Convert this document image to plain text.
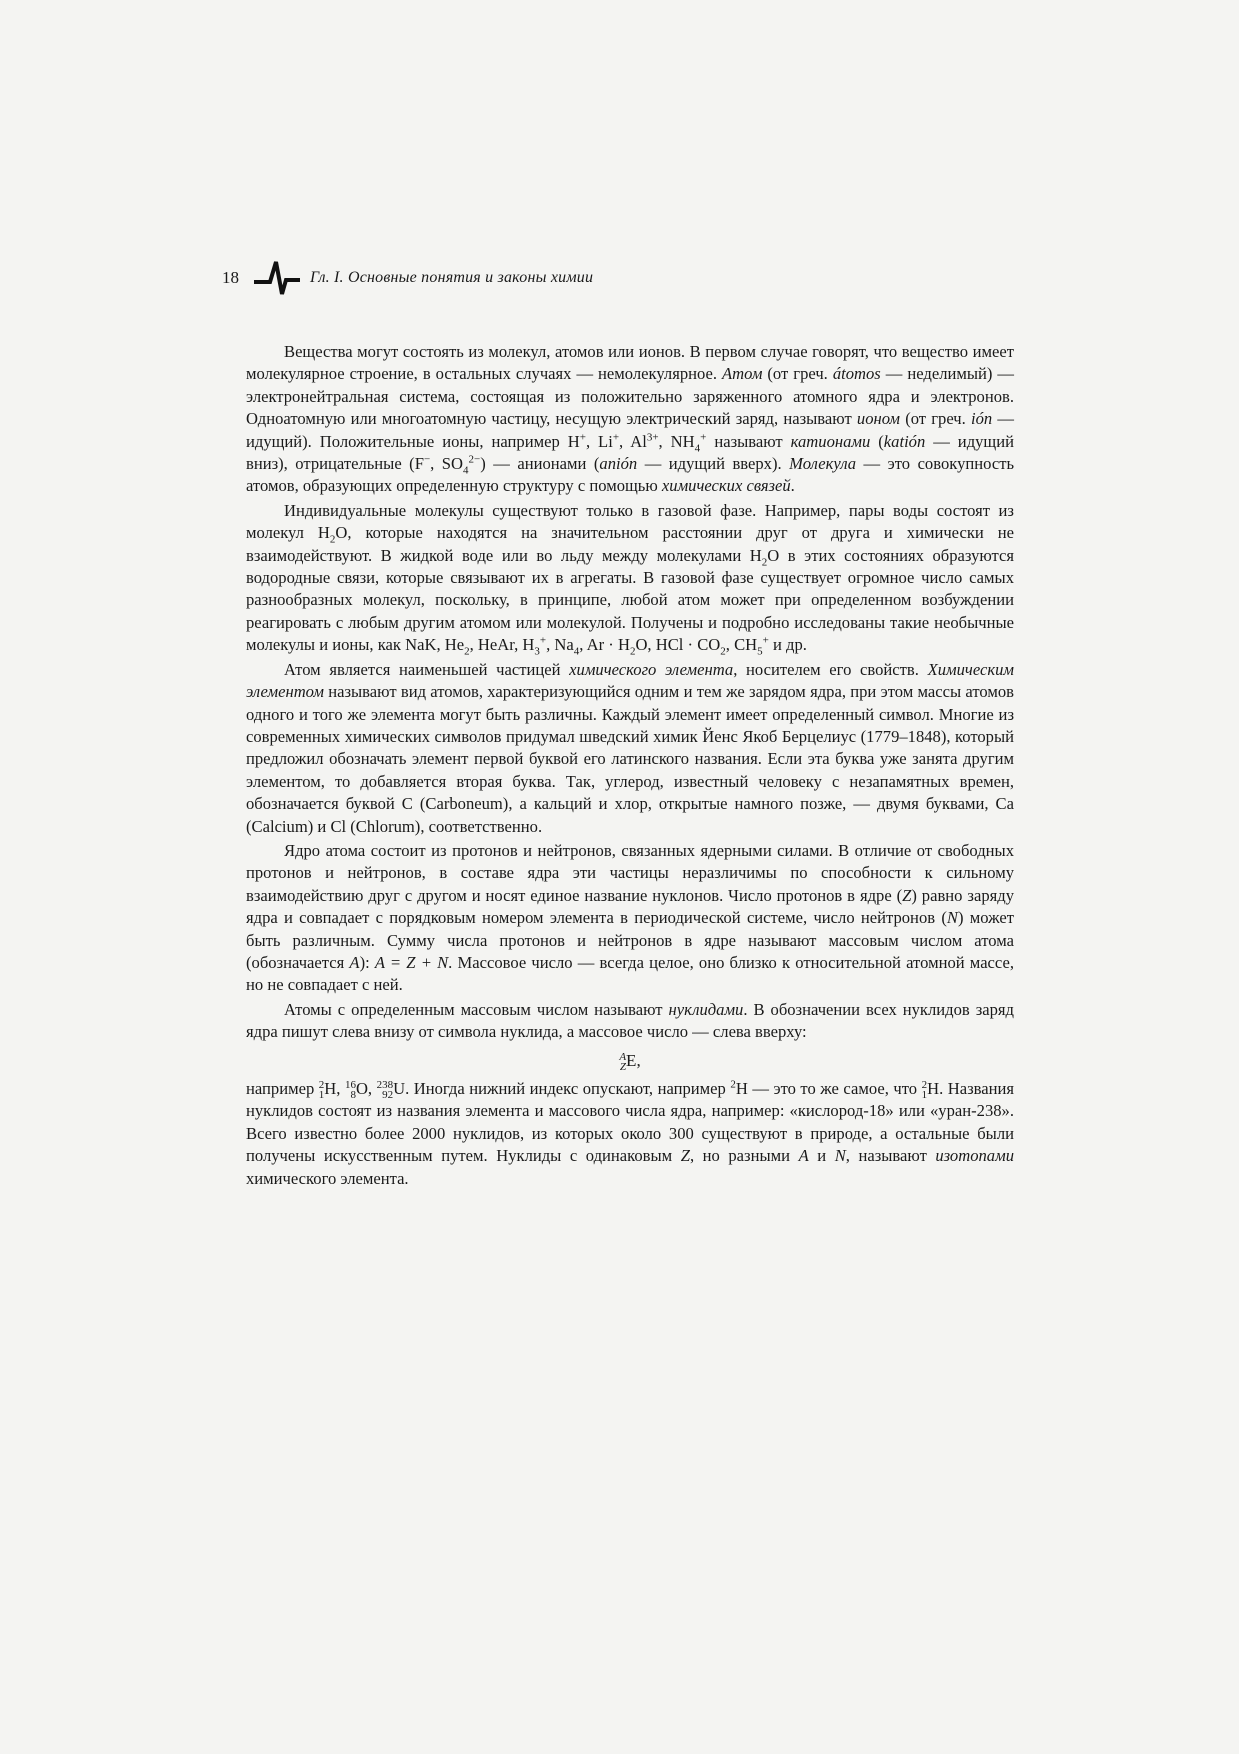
18	Гл. I. Основные понятия и законы химии

Вещества могут состоять из молекул, атомов или ионов. В первом случае говорят, что вещество имеет молекулярное строение, в остальных случаях — немолекулярное. Атом (от греч. átomos — неделимый) — электронейтральная система, состоящая из положительно заряженного атомного ядра и электронов. Одноатомную или многоатомную частицу, несущую электрический заряд, называют ионом (от греч. ión — идущий). Положительные ионы, например H+, Li+, $Al^{3+}$, $NH_4^+$ называют катионами (katión — идущий вниз), отрицательные (F−, $SO_4^{2-}$) — анионами (anión — идущий вверх). Молекула — это совокупность атомов, образующих определенную структуру с помощью химических связей.

Индивидуальные молекулы существуют только в газовой фазе. Например, пары воды состоят из молекул $H_2O$, которые находятся на значительном расстоянии друг от друга и химически не взаимодействуют. В жидкой воде или во льду между молекулами $H_2O$ в этих состояниях образуются водородные связи, которые связывают их в агрегаты. В газовой фазе существует огромное число самых разнообразных молекул, поскольку, в принципе, любой атом может при определенном возбуждении реагировать с любым другим атомом или молекулой. Получены и подробно исследованы такие необычные молекулы и ионы, как NaK, $He_2$, HeAr, $H_3^+$, $Na_4$, $Ar \cdot H_2O$, HCl · $CO_2$, $CH_5^+$ и др.

Атом является наименьшей частицей химического элемента, носителем его свойств. Химическим элементом называют вид атомов, характеризующийся одним и тем же зарядом ядра, при этом массы атомов одного и того же элемента могут быть различны. Каждый элемент имеет определенный символ. Многие из современных химических символов придумал шведский химик Йенс Якоб Берцелиус (1779–1848), который предложил обозначать элемент первой буквой его латинского названия. Если эта буква уже занята другим элементом, то добавляется вторая буква. Так, углерод, известный человеку с незапамятных времен, обозначается буквой C (Carboneum), а кальций и хлор, открытые намного позже, — двумя буквами, Ca (Calcium) и Cl (Chlorum), соответственно.

Ядро атома состоит из протонов и нейтронов, связанных ядерными силами. В отличие от свободных протонов и нейтронов, в составе ядра эти частицы неразличимы по способности к сильному взаимодействию друг с другом и носят единое название нуклонов. Число протонов в ядре (Z) равно заряду ядра и совпадает с порядковым номером элемента в периодической системе, число нейтронов (N) может быть различным. Сумму числа протонов и нейтронов в ядре называют массовым числом атома (обозначается A): A = Z + N. Массовое число — всегда целое, оно близко к относительной атомной массе, но не совпадает с ней.

Атомы с определенным массовым числом называют нуклидами. В обозначении всех нуклидов заряд ядра пишут слева внизу от символа нуклида, а массовое число — слева вверху:

A
Z E,

например 2
1 H, 16
8 O, 238
92 U. Иногда нижний индекс опускают, например $^2$H — это то же самое, что 2
1 H. Названия нуклидов состоят из названия элемента и массового числа ядра, например: «кислород-18» или «уран-238». Всего известно более 2000 нуклидов, из которых около 300 существуют в природе, а остальные были получены искусственным путем. Нуклиды с одинаковым Z, но разными A и N, называют изотопами химического элемента.
